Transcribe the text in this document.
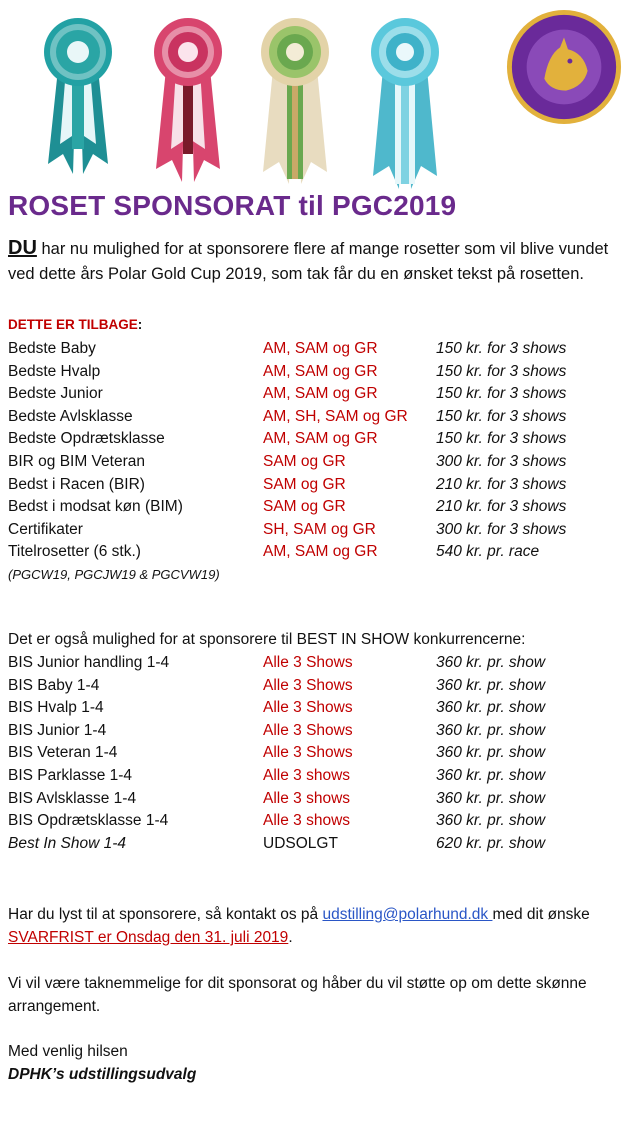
ROSET SPONSORAT til PGC2019
DU har nu mulighed for at sponsorere flere af mange rosetter som vil blive vundet ved dette års Polar Gold Cup 2019, som tak får du en ønsket tekst på rosetten.
DETTE ER TILBAGE:
Bedste Baby	AM, SAM og GR	150 kr. for 3 shows
Bedste Hvalp	AM, SAM og GR	150 kr. for 3 shows
Bedste Junior	AM, SAM og GR	150 kr. for 3 shows
Bedste Avlsklasse	AM, SH, SAM og GR 150 kr. for 3 shows
Bedste Opdrætsklasse	AM, SAM og GR	150 kr. for 3 shows
BIR og BIM Veteran	SAM og GR	300 kr. for 3 shows
Bedst i Racen (BIR)	SAM og GR	210 kr. for 3 shows
Bedst i modsat køn (BIM)	SAM og GR	210 kr. for 3 shows
Certifikater	SH, SAM og GR	300 kr. for 3 shows
Titelrosetter (6 stk.)	AM, SAM og GR	540 kr. pr. race
(PGCW19, PGCJW19 & PGCVW19)
Det er også mulighed for at sponsorere til BEST IN SHOW konkurrencerne:
BIS Junior handling 1-4	Alle 3 Shows	360 kr. pr. show
BIS Baby 1-4	Alle 3 Shows	360 kr. pr. show
BIS Hvalp 1-4	Alle 3 Shows	360 kr. pr. show
BIS Junior 1-4	Alle 3 Shows	360 kr. pr. show
BIS Veteran 1-4	Alle 3 Shows	360 kr. pr. show
BIS Parklasse 1-4	Alle 3 shows	360 kr. pr. show
BIS Avlsklasse 1-4	Alle 3 shows	360 kr. pr. show
BIS Opdrætsklasse 1-4	Alle 3 shows	360 kr. pr. show
Best In Show 1-4	UDSOLGT	620 kr. pr. show
Har du lyst til at sponsorere, så kontakt os på udstilling@polarhund.dk med dit ønske SVARFRIST er Onsdag den 31. juli 2019.
Vi vil være taknemmelige for dit sponsorat og håber du vil støtte op om dette skønne arrangement.
Med venlig hilsen
DPHK’s udstillingsudvalg
